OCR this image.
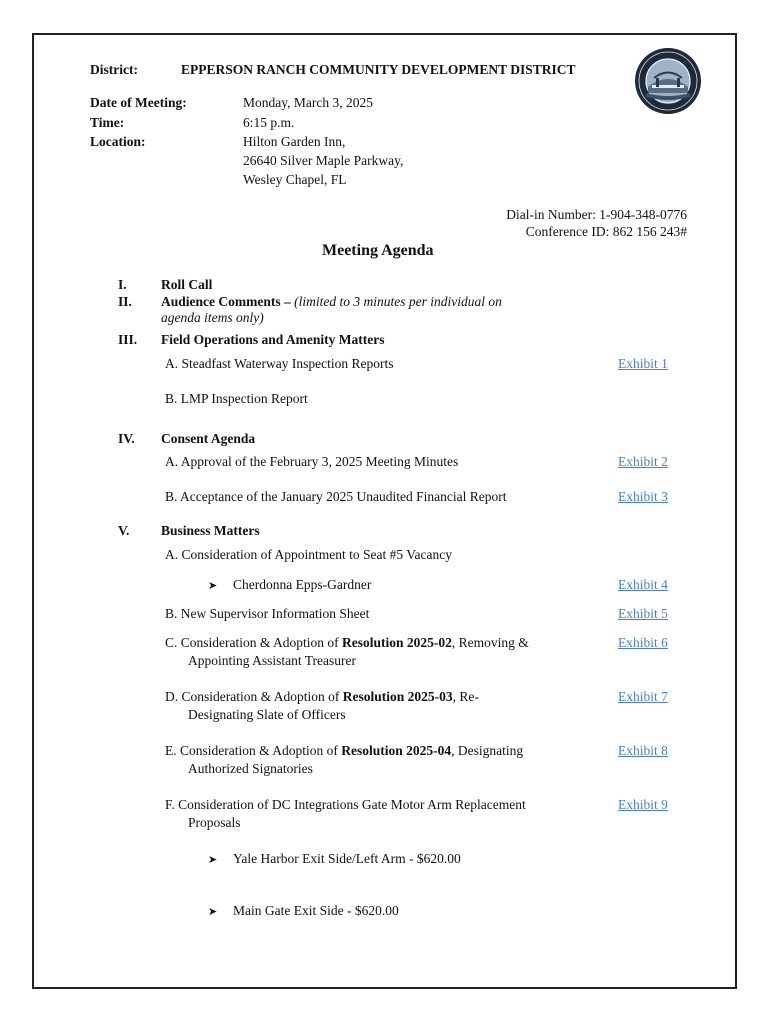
District:	EPPERSON RANCH COMMUNITY DEVELOPMENT DISTRICT
Date of Meeting:	Monday, March 3, 2025
Time:	6:15 p.m.
Location:	Hilton Garden Inn,
26640 Silver Maple Parkway,
Wesley Chapel, FL
Dial-in Number: 1-904-348-0776
Conference ID: 862 156 243#
Meeting Agenda
I.	Roll Call
II. Audience Comments – (limited to 3 minutes per individual on
agenda items only)
III. Field Operations and Amenity Matters
A. Steadfast Waterway Inspection Reports	Exhibit 1
B. LMP Inspection Report
IV. Consent Agenda
A. Approval of the February 3, 2025 Meeting Minutes	Exhibit 2
B. Acceptance of the January 2025 Unaudited Financial Report	Exhibit 3
V. Business Matters
A. Consideration of Appointment to Seat #5 Vacancy
➤ Cherdonna Epps-Gardner	Exhibit 4
B. New Supervisor Information Sheet	Exhibit 5
C. Consideration & Adoption of Resolution 2025-02, Removing &
Appointing Assistant Treasurer
Exhibit 6
D. Consideration & Adoption of Resolution 2025-03, Re-
Designating Slate of Officers
Exhibit 7
E. Consideration & Adoption of Resolution 2025-04, Designating
Authorized Signatories
Exhibit 8
F. Consideration of DC Integrations Gate Motor Arm Replacement
Proposals
Exhibit 9
➤ Yale Harbor Exit Side/Left Arm - $620.00
➤ Main Gate Exit Side - $620.00
